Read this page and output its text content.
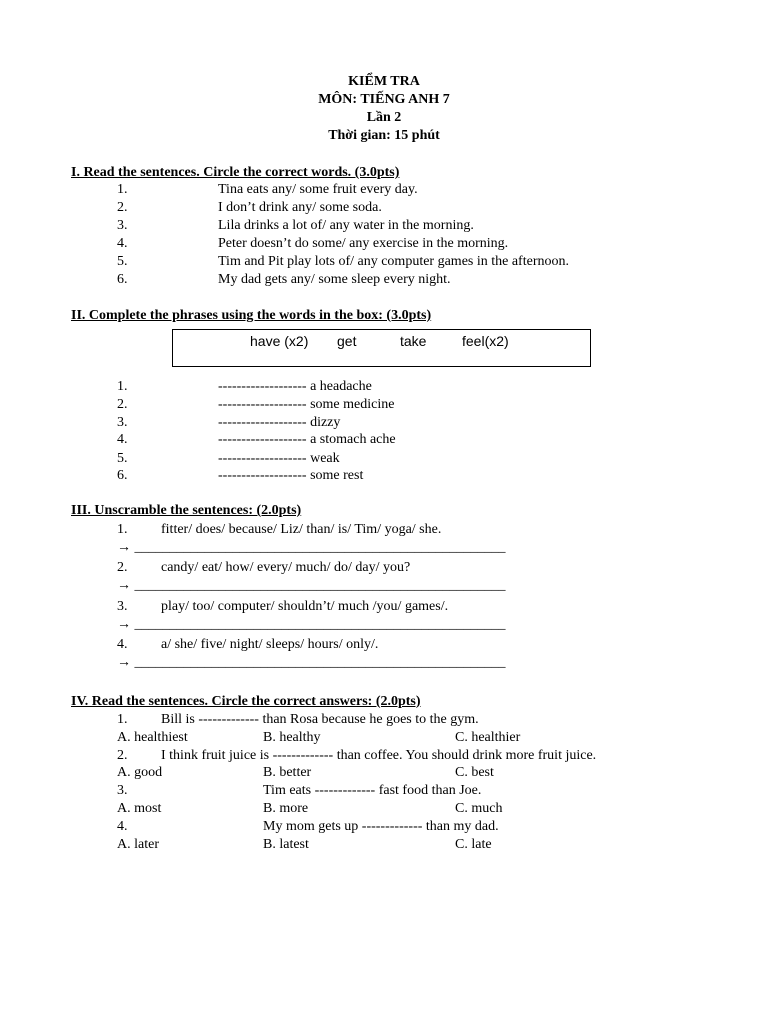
KIỂM TRA
MÔN: TIẾNG ANH 7
Lần 2
Thời gian: 15 phút
I. Read the sentences. Circle the correct words. (3.0pts)
1.	Tina eats any/ some fruit every day.
2.	I don’t drink any/ some soda.
3.	Lila drinks a lot of/ any water in the morning.
4.	Peter doesn’t do some/ any exercise in the morning.
5.	Tim and Pit play lots of/ any computer games in the afternoon.
6.	My dad gets any/ some sleep every night.
II. Complete the phrases using the words in the box: (3.0pts)
have (x2) get	take	feel(x2)
1.	------------------- a headache
2.	------------------- some medicine
3.	------------------- dizzy
4.	------------------- a stomach ache
5.	------------------- weak
6.	------------------- some rest
III. Unscramble the sentences: (2.0pts)
1. fitter/ does/ because/ Liz/ than/ is/ Tim/ yoga/ she.
→ _____________________________________________________
2. candy/ eat/ how/ every/ much/ do/ day/ you?
→ _____________________________________________________
3. play/ too/ computer/ shouldn’t/ much /you/ games/.
→ _____________________________________________________
4. a/ she/ five/ night/ sleeps/ hours/ only/.
→ _____________________________________________________
IV. Read the sentences. Circle the correct answers: (2.0pts)
1. Bill is ------------- than Rosa because he goes to the gym.
A. healthiest	B. healthy	C. healthier
2. I think fruit juice is ------------- than coffee. You should drink more fruit juice.
A. good	B. better	C. best
3.	Tim eats ------------- fast food than Joe.
A. most	B. more	C. much
4.	My mom gets up ------------- than my dad.
A. later	B. latest	C. late
